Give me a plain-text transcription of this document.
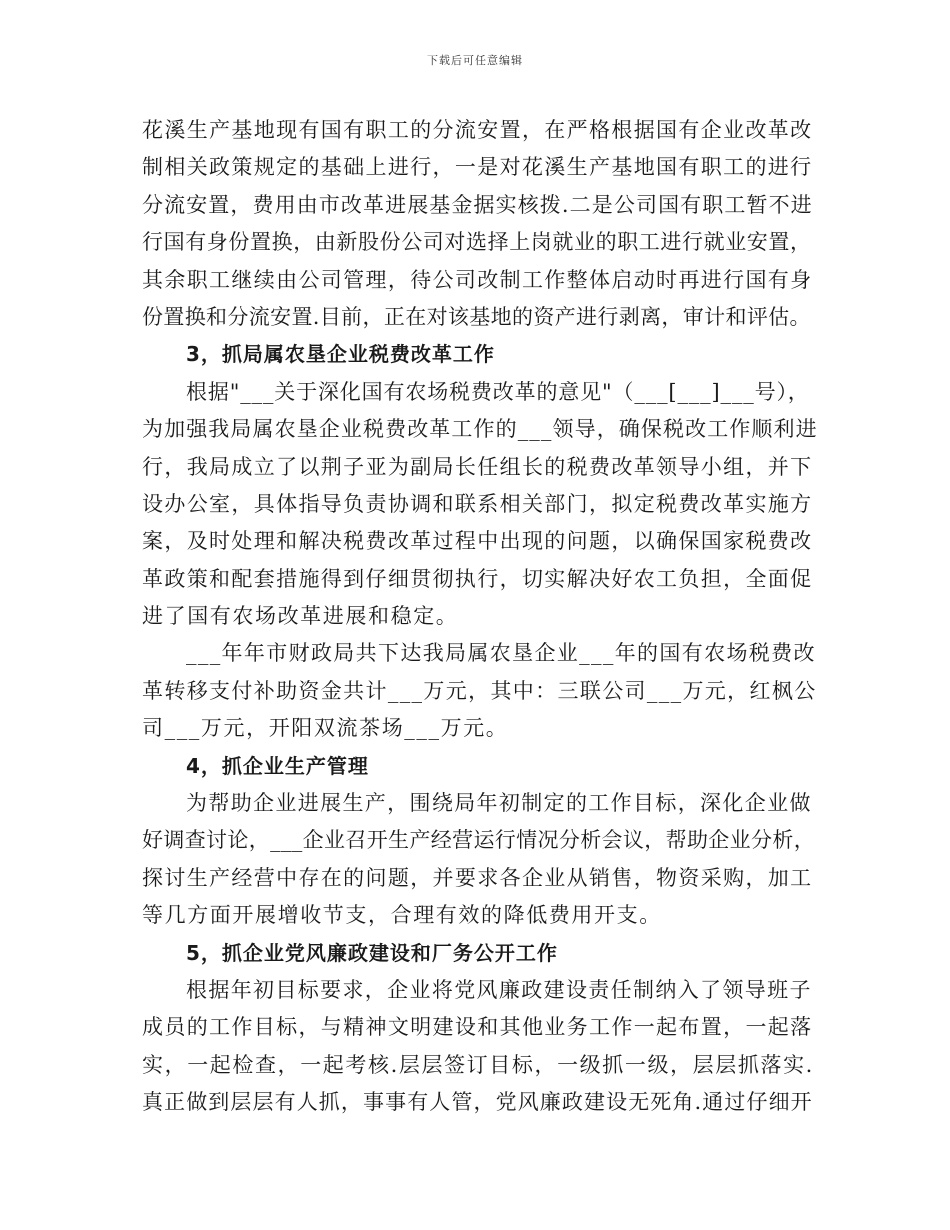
下载后可任意编辑
花溪生产基地现有国有职工的分流安置，在严格根据国有企业改革改
制相关政策规定的基础上进行，一是对花溪生产基地国有职工的进行
分流安置，费用由市改革进展基金据实核拨.二是公司国有职工暂不进
行国有身份置换，由新股份公司对选择上岗就业的职工进行就业安置，
其余职工继续由公司管理，待公司改制工作整体启动时再进行国有身
份置换和分流安置.目前，正在对该基地的资产进行剥离，审计和评估。
3，抓局属农垦企业税费改革工作
根据"___关于深化国有农场税费改革的意见"（___[___]___号），
为加强我局属农垦企业税费改革工作的___领导，确保税改工作顺利进
行，我局成立了以荆子亚为副局长任组长的税费改革领导小组，并下
设办公室，具体指导负责协调和联系相关部门，拟定税费改革实施方
案，及时处理和解决税费改革过程中出现的问题，以确保国家税费改
革政策和配套措施得到仔细贯彻执行，切实解决好农工负担，全面促
进了国有农场改革进展和稳定。
___年年市财政局共下达我局属农垦企业___年的国有农场税费改
革转移支付补助资金共计___万元，其中：三联公司___万元，红枫公
司___万元，开阳双流茶场___万元。
4，抓企业生产管理
为帮助企业进展生产，围绕局年初制定的工作目标，深化企业做
好调查讨论，___企业召开生产经营运行情况分析会议，帮助企业分析，
探讨生产经营中存在的问题，并要求各企业从销售，物资采购，加工
等几方面开展增收节支，合理有效的降低费用开支。
5，抓企业党风廉政建设和厂务公开工作
根据年初目标要求，企业将党风廉政建设责任制纳入了领导班子
成员的工作目标，与精神文明建设和其他业务工作一起布置，一起落
实，一起检查，一起考核.层层签订目标，一级抓一级，层层抓落实.
真正做到层层有人抓，事事有人管，党风廉政建设无死角.通过仔细开
